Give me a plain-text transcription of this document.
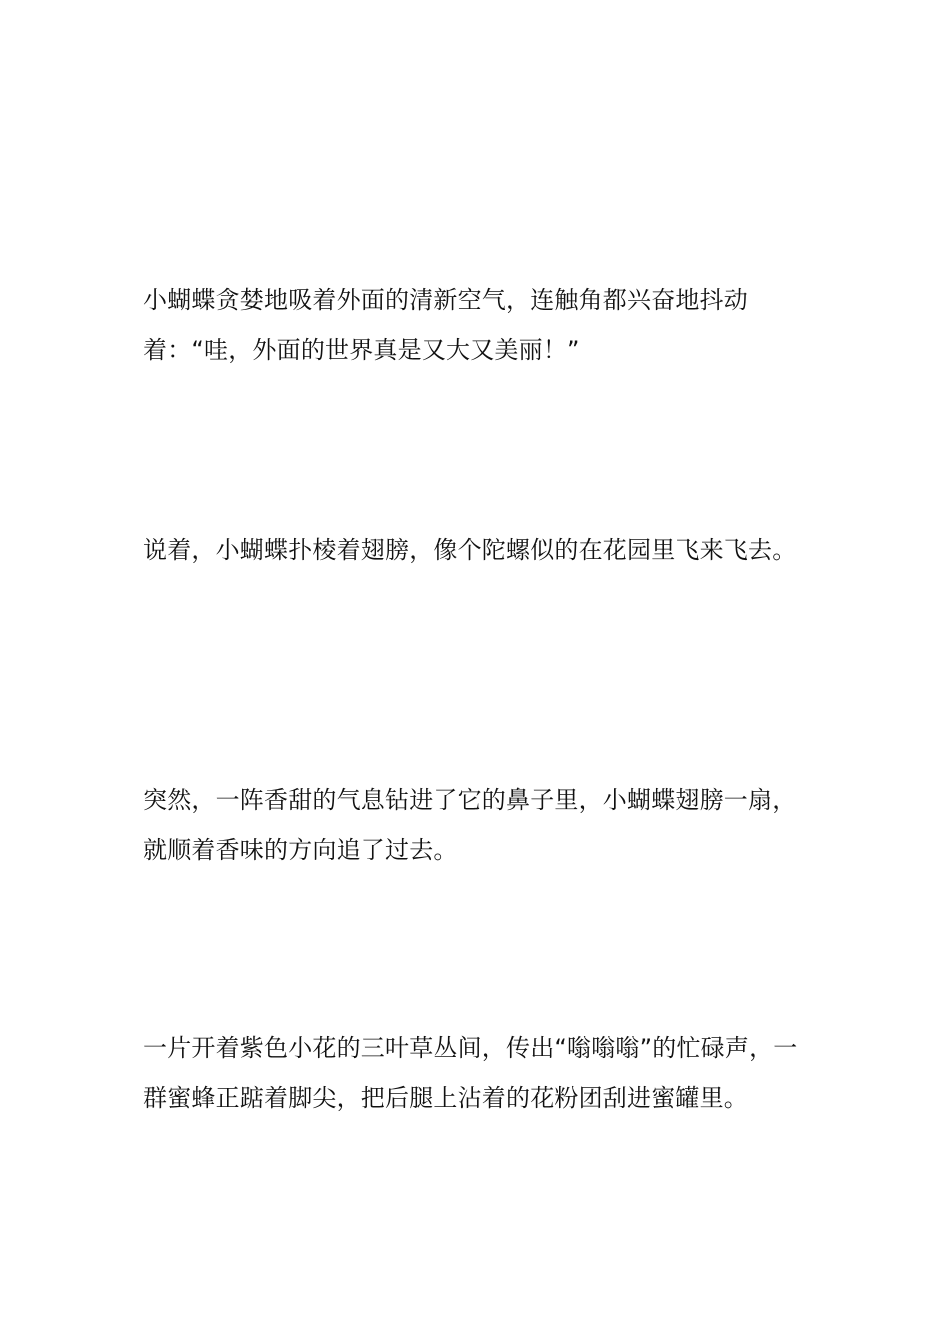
小蝴蝶贪婪地吸着外面的清新空气，连触角都兴奋地抖动着：“哇，外面的世界真是又大又美丽！”

说着，小蝴蝶扑棱着翅膀，像个陀螺似的在花园里飞来飞去。

突然，一阵香甜的气息钻进了它的鼻子里，小蝴蝶翅膀一扇，就顺着香味的方向追了过去。

一片开着紫色小花的三叶草丛间，传出“嗡嗡嗡”的忙碌声，一群蜜蜂正踮着脚尖，把后腿上沾着的花粉团刮进蜜罐里。
